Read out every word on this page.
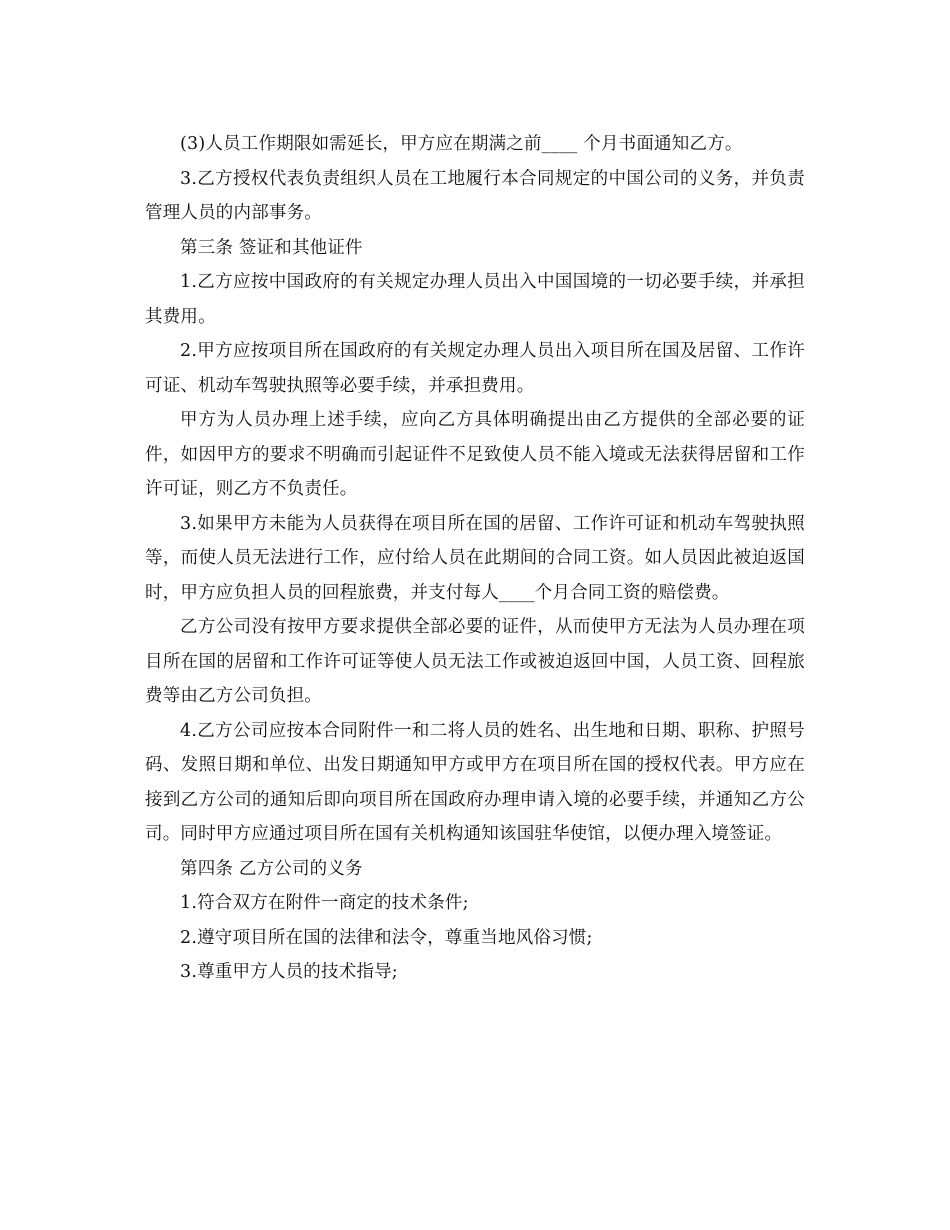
(3)人员工作期限如需延长，甲方应在期满之前____ 个月书面通知乙方。

3.乙方授权代表负责组织人员在工地履行本合同规定的中国公司的义务，并负责管理人员的内部事务。

第三条 签证和其他证件

1.乙方应按中国政府的有关规定办理人员出入中国国境的一切必要手续，并承担其费用。

2.甲方应按项目所在国政府的有关规定办理人员出入项目所在国及居留、工作许可证、机动车驾驶执照等必要手续，并承担费用。

甲方为人员办理上述手续，应向乙方具体明确提出由乙方提供的全部必要的证件，如因甲方的要求不明确而引起证件不足致使人员不能入境或无法获得居留和工作许可证，则乙方不负责任。

3.如果甲方未能为人员获得在项目所在国的居留、工作许可证和机动车驾驶执照等，而使人员无法进行工作，应付给人员在此期间的合同工资。如人员因此被迫返国时，甲方应负担人员的回程旅费，并支付每人____个月合同工资的赔偿费。

乙方公司没有按甲方要求提供全部必要的证件，从而使甲方无法为人员办理在项目所在国的居留和工作许可证等使人员无法工作或被迫返回中国，人员工资、回程旅费等由乙方公司负担。

4.乙方公司应按本合同附件一和二将人员的姓名、出生地和日期、职称、护照号码、发照日期和单位、出发日期通知甲方或甲方在项目所在国的授权代表。甲方应在接到乙方公司的通知后即向项目所在国政府办理申请入境的必要手续，并通知乙方公司。同时甲方应通过项目所在国有关机构通知该国驻华使馆，以便办理入境签证。

第四条 乙方公司的义务

1.符合双方在附件一商定的技术条件;

2.遵守项目所在国的法律和法令，尊重当地风俗习惯;

3.尊重甲方人员的技术指导;
